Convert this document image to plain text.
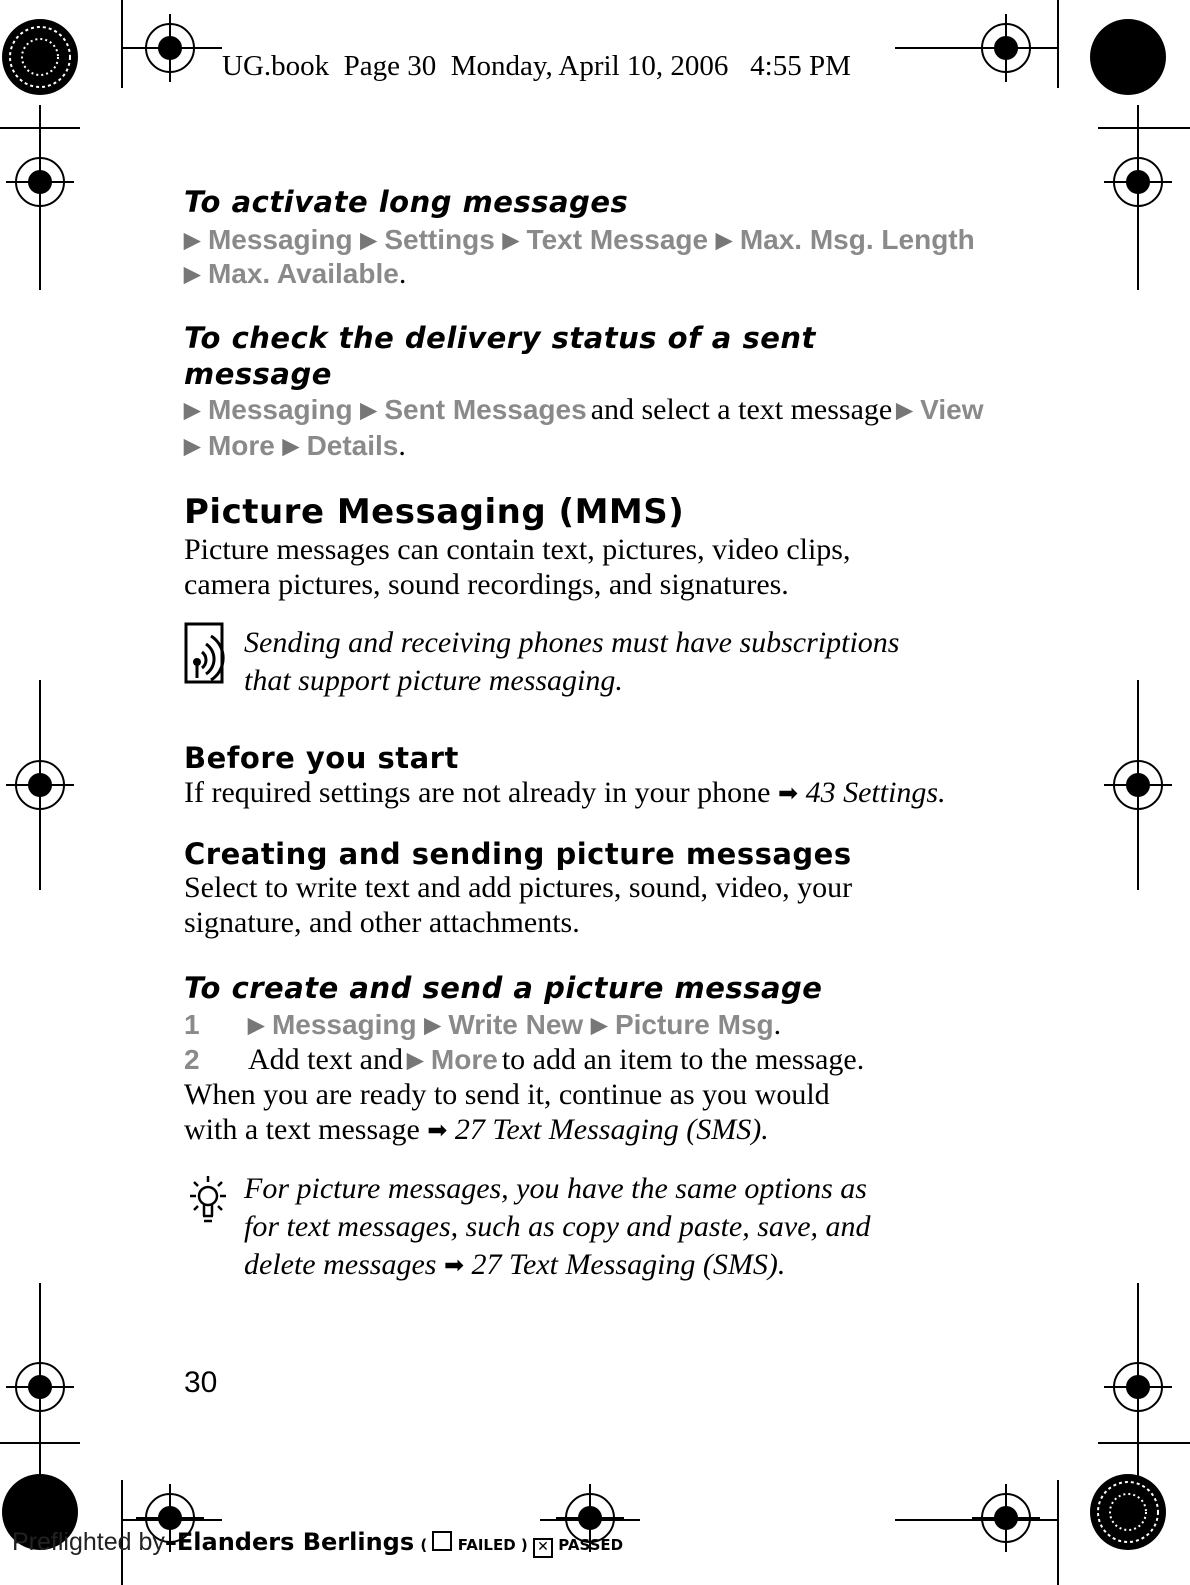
UG.book  Page 30  Monday, April 10, 2006   4:55 PM
To activate long messages
▶ Messaging ▶ Settings ▶ Text Message ▶ Max. Msg. Length
▶ Max. Available.
To check the delivery status of a sent
message
▶ Messaging ▶ Sent Messages and select a text message ▶ View
▶ More ▶ Details.
Picture Messaging (MMS)
Picture messages can contain text, pictures, video clips,
camera pictures, sound recordings, and signatures.
Sending and receiving phones must have subscriptions
that support picture messaging.
Before you start
If required settings are not already in your phone ➡ 43 Settings.
Creating and sending picture messages
Select to write text and add pictures, sound, video, your
signature, and other attachments.
To create and send a picture message
1 ▶ Messaging ▶ Write New ▶ Picture Msg.
2 Add text and ▶ More to add an item to the message.
When you are ready to send it, continue as you would
with a text message ➡ 27 Text Messaging (SMS).
For picture messages, you have the same options as
for text messages, such as copy and paste, save, and
delete messages ➡ 27 Text Messaging (SMS).
30
Preflighted by–Elanders Berlings (  FAILED ) ✕ PASSED
